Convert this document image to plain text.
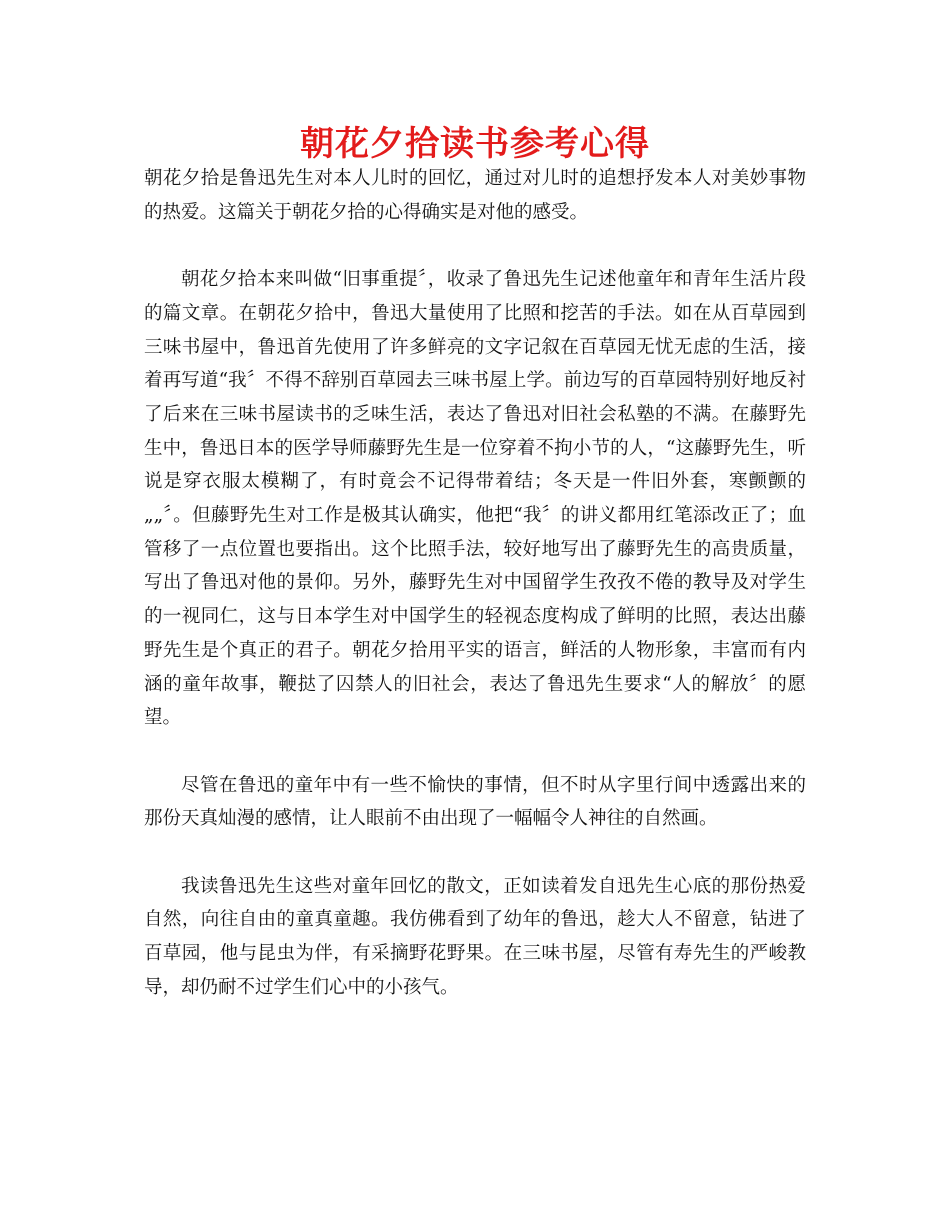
朝花夕拾读书参考心得

朝花夕拾是鲁迅先生对本人儿时的回忆，通过对儿时的追想抒发本人对美妙事物的热爱。这篇关于朝花夕拾的心得确实是对他的感受。

朝花夕拾本来叫做“旧事重提〞，收录了鲁迅先生记述他童年和青年生活片段的篇文章。在朝花夕拾中，鲁迅大量使用了比照和挖苦的手法。如在从百草园到三味书屋中，鲁迅首先使用了许多鲜亮的文字记叙在百草园无忧无虑的生活，接着再写道“我〞不得不辞别百草园去三味书屋上学。前边写的百草园特别好地反衬了后来在三味书屋读书的乏味生活，表达了鲁迅对旧社会私塾的不满。在藤野先生中，鲁迅日本的医学导师藤野先生是一位穿着不拘小节的人，“这藤野先生，听说是穿衣服太模糊了，有时竟会不记得带着结；冬天是一件旧外套，寒颤颤的„„〞。但藤野先生对工作是极其认确实，他把“我〞的讲义都用红笔添改正了；血管移了一点位置也要指出。这个比照手法，较好地写出了藤野先生的高贵质量，写出了鲁迅对他的景仰。另外，藤野先生对中国留学生孜孜不倦的教导及对学生的一视同仁，这与日本学生对中国学生的轻视态度构成了鲜明的比照，表达出藤野先生是个真正的君子。朝花夕拾用平实的语言，鲜活的人物形象，丰富而有内涵的童年故事，鞭挞了囚禁人的旧社会，表达了鲁迅先生要求“人的解放〞的愿望。

尽管在鲁迅的童年中有一些不愉快的事情，但不时从字里行间中透露出来的那份天真灿漫的感情，让人眼前不由出现了一幅幅令人神往的自然画。

我读鲁迅先生这些对童年回忆的散文，正如读着发自迅先生心底的那份热爱自然，向往自由的童真童趣。我仿佛看到了幼年的鲁迅，趁大人不留意，钻进了百草园，他与昆虫为伴，有采摘野花野果。在三味书屋，尽管有寿先生的严峻教导，却仍耐不过学生们心中的小孩气。
